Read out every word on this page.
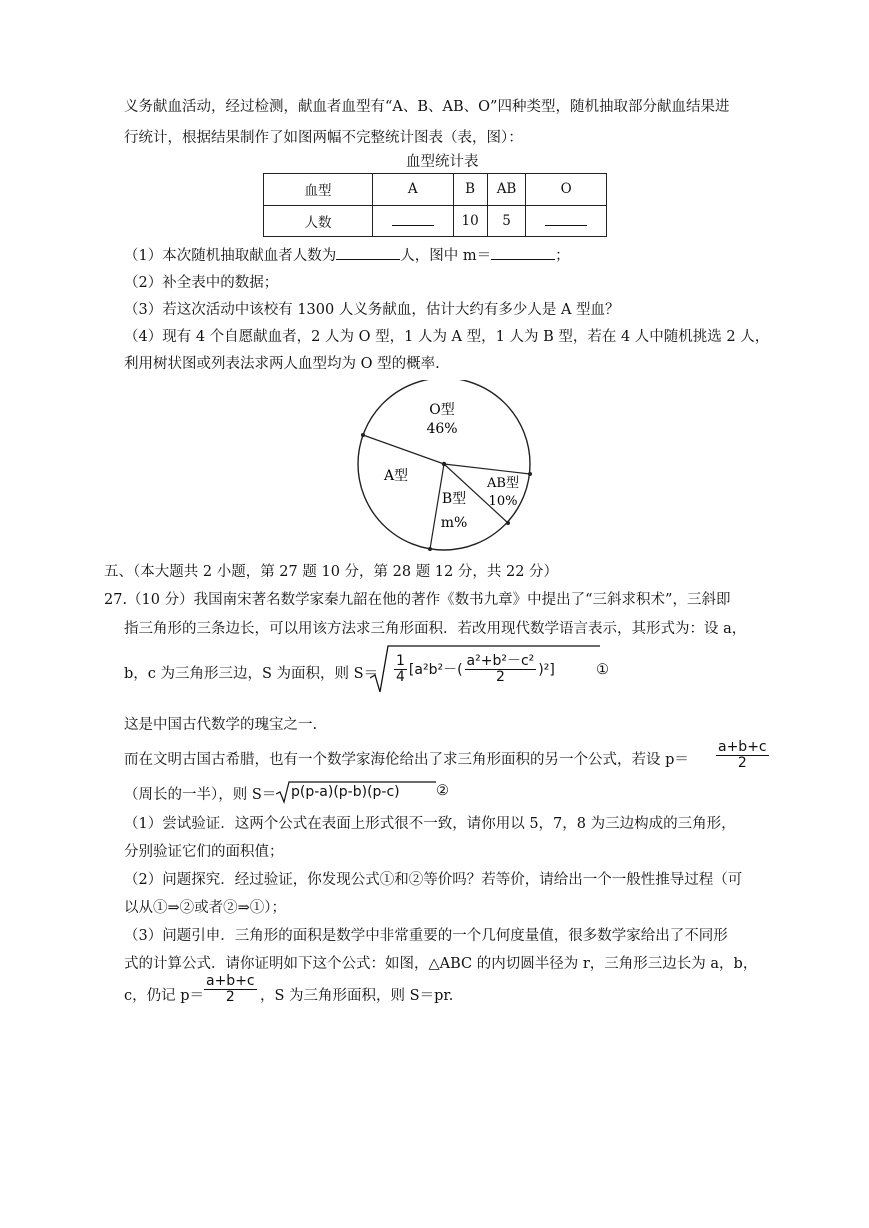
义务献血活动，经过检测，献血者血型有“A、B、AB、O”四种类型，随机抽取部分献血结果进
行统计，根据结果制作了如图两幅不完整统计图表（表，图）：
血型统计表
血型	A	B	AB	O
人数		10	5	
（1）本次随机抽取献血者人数为	人，图中 m＝	；
（2）补全表中的数据；
（3）若这次活动中该校有 1300 人义务献血，估计大约有多少人是 A 型血？
（4）现有 4 个自愿献血者，2 人为 O 型，1 人为 A 型，1 人为 B 型，若在 4 人中随机挑选 2 人，
利用树状图或列表法求两人血型均为 O 型的概率.
O型
46%
AB型
10%
B型
m%
A型
五、（本大题共 2 小题，第 27 题 10 分，第 28 题 12 分，共 22 分）
27.（10 分）我国南宋著名数学家秦九韶在他的著作《数书九章》中提出了“三斜求积术”，三斜即
指三角形的三条边长，可以用该方法求三角形面积．若改用现代数学语言表示，其形式为：设 a，
b，c 为三角形三边，S 为面积，则 $S= \frac{1}{4} [a^2b^2-( \frac{\text{a²+b²－c²}}{2} )^2]$	①
这是中国古代数学的瑰宝之一.
而在文明古国古希腊，也有一个数学家海伦给出了求三角形面积的另一个公式，若设 $p= \frac{a+b+c}{2}$
（周长的一半），则 S＝ p(p-a)(p-b)(p-c)	②
（1）尝试验证．这两个公式在表面上形式很不一致，请你用以 5，7，8 为三边构成的三角形，
分别验证它们的面积值；
（2）问题探究．经过验证，你发现公式①和②等价吗？若等价，请给出一个一般性推导过程（可
以从①⇒②或者②⇒①）；
（3）问题引申．三角形的面积是数学中非常重要的一个几何度量值，很多数学家给出了不同形
式的计算公式．请你证明如下这个公式：如图，△ABC 的内切圆半径为 r，三角形三边长为 a，b，
c，仍记 $p= \frac{a+b+c}{2}$ ，S 为三角形面积，则 S＝pr.
